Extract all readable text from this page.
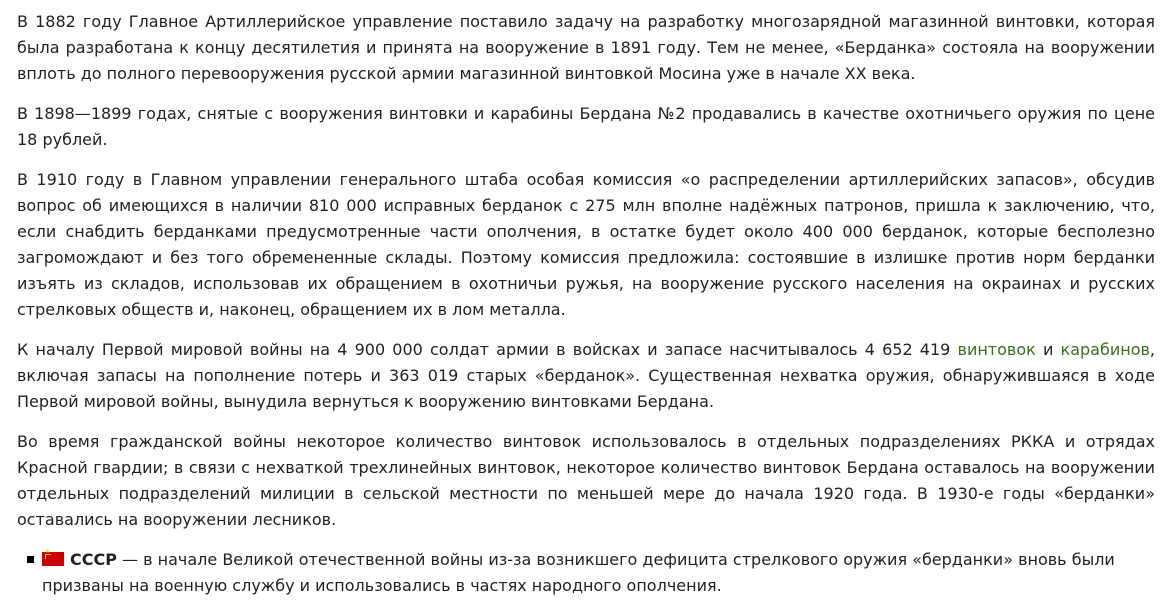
В 1882 году Главное Артиллерийское управление поставило задачу на разработку многозарядной магазинной винтовки, которая была разработана к концу десятилетия и принята на вооружение в 1891 году. Тем не менее, «Берданка» состояла на вооружении вплоть до полного перевооружения русской армии магазинной винтовкой Мосина уже в начале XX века.

В 1898—1899 годах, снятые с вооружения винтовки и карабины Бердана №2 продавались в качестве охотничьего оружия по цене 18 рублей.

В 1910 году в Главном управлении генерального штаба особая комиссия «о распределении артиллерийских запасов», обсудив вопрос об имеющихся в наличии 810 000 исправных берданок с 275 млн вполне надёжных патронов, пришла к заключению, что, если снабдить берданками предусмотренные части ополчения, в остатке будет около 400 000 берданок, которые бесполезно загромождают и без того обремененные склады. Поэтому комиссия предложила: состоявшие в излишке против норм берданки изъять из складов, использовав их обращением в охотничьи ружья, на вооружение русского населения на окраинах и русских стрелковых обществ и, наконец, обращением их в лом металла.

К началу Первой мировой войны на 4 900 000 солдат армии в войсках и запасе насчитывалось 4 652 419 винтовок и карабинов, включая запасы на пополнение потерь и 363 019 старых «берданок». Существенная нехватка оружия, обнаружившаяся в ходе Первой мировой войны, вынудила вернуться к вооружению винтовками Бердана.

Во время гражданской войны некоторое количество винтовок использовалось в отдельных подразделениях РККА и отрядах Красной гвардии; в связи с нехваткой трехлинейных винтовок, некоторое количество винтовок Бердана оставалось на вооружении отдельных подразделений милиции в сельской местности по меньшей мере до начала 1920 года. В 1930-е годы «берданки» оставались на вооружении лесников.

★ СССР — в начале Великой отечественной войны из-за возникшего дефицита стрелкового оружия «берданки» вновь были призваны на военную службу и использовались в частях народного ополчения.
